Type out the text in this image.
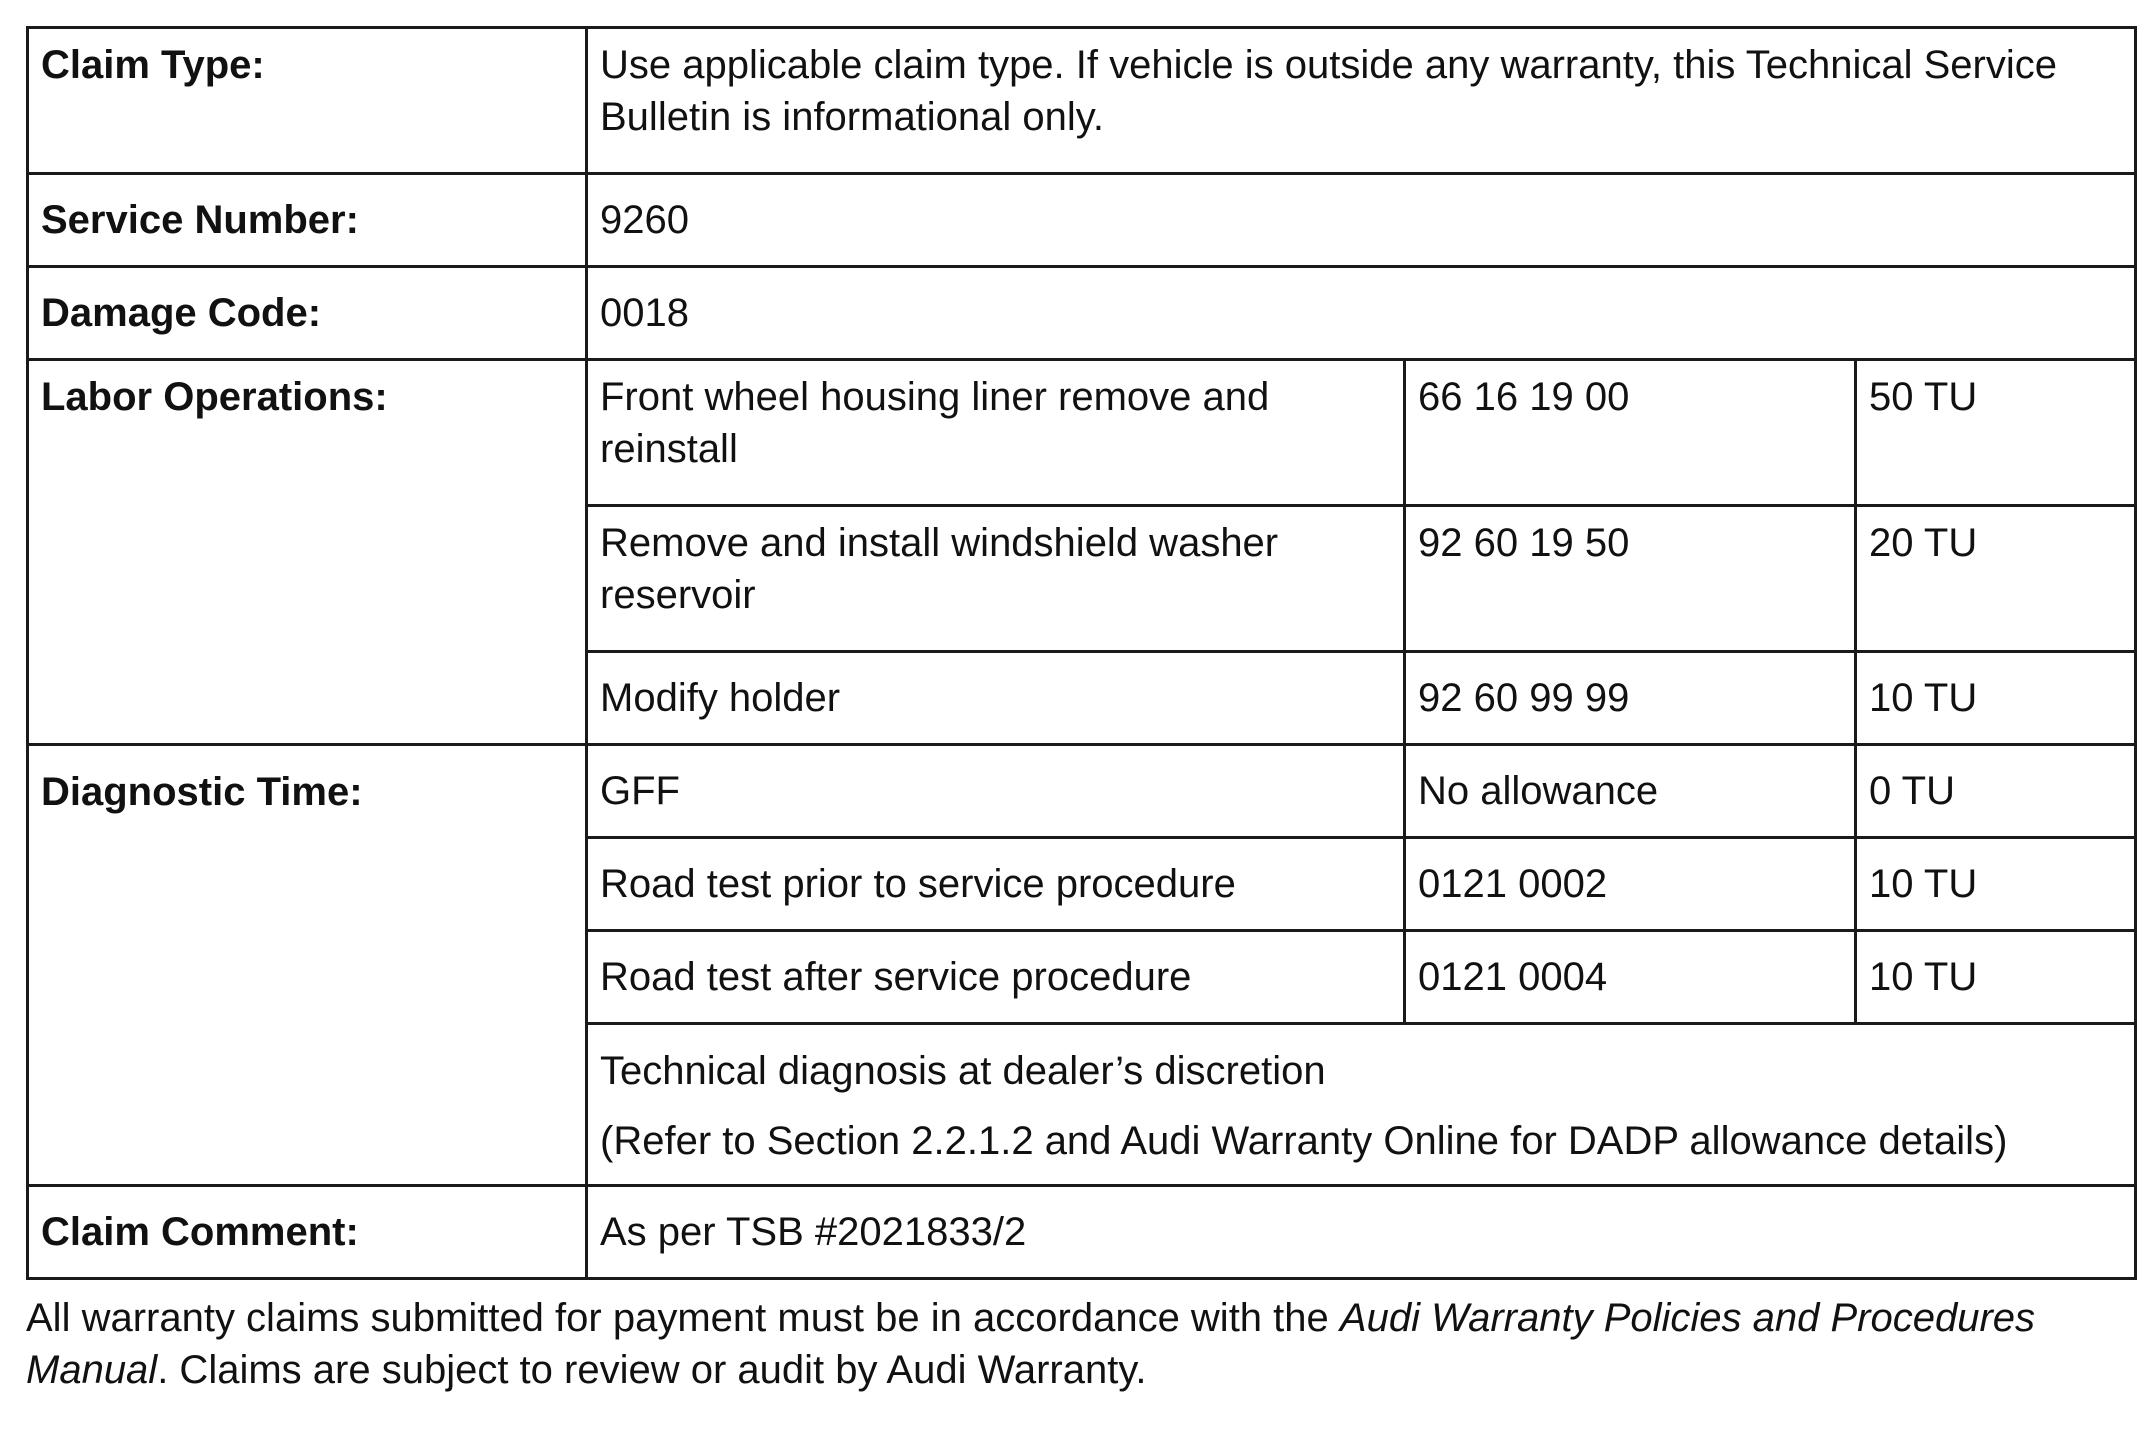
Claim Type:	Use applicable claim type. If vehicle is outside any warranty, this Technical Service Bulletin is informational only.		
Service Number:	9260		
Damage Code:	0018		
Labor Operations:	Front wheel housing liner remove and reinstall	66 16 19 00	50 TU
	Remove and install windshield washer reservoir	92 60 19 50	20 TU
	Modify holder	92 60 99 99	10 TU
Diagnostic Time:	GFF	No allowance	0 TU
	Road test prior to service procedure	0121 0002	10 TU
	Road test after service procedure	0121 0004	10 TU

	Technical diagnosis at dealer’s discretion
(Refer to Section 2.2.1.2 and Audi Warranty Online for DADP allowance details)		

Claim Comment:	As per TSB #2021833/2		

All warranty claims submitted for payment must be in accordance with the Audi Warranty Policies and Procedures Manual. Claims are subject to review or audit by Audi Warranty.
